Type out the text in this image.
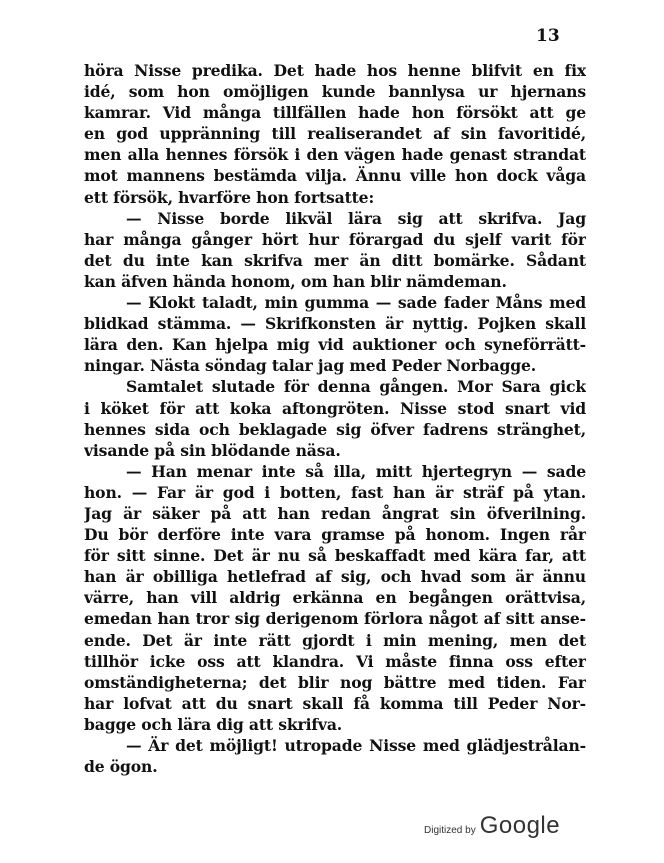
13
höra Nisse predika. Det hade hos henne blifvit en fix
idé, som hon omöjligen kunde bannlysa ur hjernans
kamrar. Vid många tillfällen hade hon försökt att ge
en god uppränning till realiserandet af sin favoritidé,
men alla hennes försök i den vägen hade genast strandat
mot mannens bestämda vilja. Ännu ville hon dock våga
ett försök, hvarföre hon fortsatte:
— Nisse borde likväl lära sig att skrifva. Jag
har många gånger hört hur förargad du sjelf varit för
det du inte kan skrifva mer än ditt bomärke. Sådant
kan äfven hända honom, om han blir nämdeman.
— Klokt taladt, min gumma — sade fader Måns med
blidkad stämma. — Skrifkonsten är nyttig. Pojken skall
lära den. Kan hjelpa mig vid auktioner och syneförrätt-
ningar. Nästa söndag talar jag med Peder Norbagge.
Samtalet slutade för denna gången. Mor Sara gick
i köket för att koka aftongröten. Nisse stod snart vid
hennes sida och beklagade sig öfver fadrens stränghet,
visande på sin blödande näsa.
— Han menar inte så illa, mitt hjertegryn — sade
hon. — Far är god i botten, fast han är sträf på ytan.
Jag är säker på att han redan ångrat sin öfverilning.
Du bör derföre inte vara gramse på honom. Ingen rår
för sitt sinne. Det är nu så beskaffadt med kära far, att
han är obilliga hetlefrad af sig, och hvad som är ännu
värre, han vill aldrig erkänna en begången orättvisa,
emedan han tror sig derigenom förlora något af sitt anse-
ende. Det är inte rätt gjordt i min mening, men det
tillhör icke oss att klandra. Vi måste finna oss efter
omständigheterna; det blir nog bättre med tiden. Far
har lofvat att du snart skall få komma till Peder Nor-
bagge och lära dig att skrifva.
— Är det möjligt! utropade Nisse med glädjestrålan-
de ögon.
Digitized by Google
